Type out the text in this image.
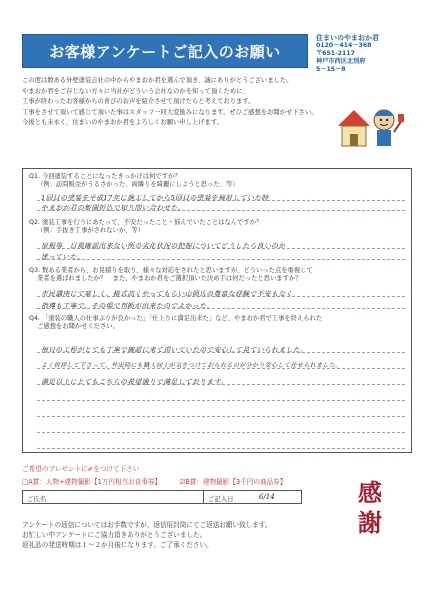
お客様アンケートご記入のお願い
住まいのやまおか君
0120－414－368
〒651-2117
神戸市西区北別府
5－15－8

この度は数ある外壁塗装会社の中からやまおか君を選んで頂き、誠にありがとうございました。

やまおか君をご存じない方々に当社がどういう会社なのかを知って頂くために、

工事が終わったお客様からの喜びのお声を紹介させて頂けたらと考えております。

工事をさせて頂いて感じて頂いた事はスタッフ一同大変励みになります。ぜひご感想をお聞かせ下さい。

今後とも末永く、住まいのやまおか君をよろしくお願い申し上げます。

Q1. 今回塗装することになったきっかけは何ですか？
（例：訪問販売がうるさかった、両隣りを綺麗にしようと思った、等）
1回目の塗装を平成17年に施工してから5回目の塗装を検討していた時
やまおか君の新聞折込で知り問い合わせた。
Q2. 塗装工事を行うにあたって、不安だったこと・悩んでいたことはなんですか？
（例：手抜き工事がされないか、等）
屋根等　目視確認出来ない所の劣化状況の把握についてどうしたら良いのか
迷っていた。
Q3. 数ある業者から、お見積りを取り、様々な対応をされたと思いますが、どういった点を重視して
業者を選ばれましたか？　また、やまおか君をご選択頂いた決め手は何だったと思いますか？
市民講座にて楽しく、格式高くやってもらい山岡氏の豊富な経験で不安もなく
指導も丁寧で、その場で判断が出来たのでよかった。
Q4. 「塗装の職人の仕事ぶりが良かった」「仕上りに満足出来た」など、やまおか君で工事を終えられた
ご感想をお聞かせください。
毎日の工程がとても丁寧で確認に来て頂いていたので安心して見ていられました。
よく挨拶して下さって、外出時にも職人同士が気をつけておられるのが分かり安心して任せられました。
満足以上にとてもこちらの希望通りで満足しております。
ご希望のプレゼントに✔をつけて下さい
□A賞：人物+建物撮影【1万円相当お食事券】	☑B賞：建物撮影【3千円の商品券】
ご氏名	ご記入日	6/14

アンケートの返信についてはお手数ですが、返信用封筒にてご返送お願い致します。

お忙しい中アンケートにご協力頂きありがとうございました。

返礼品の発送時期は１～２か月後になります。ご了承ください。

感
謝
